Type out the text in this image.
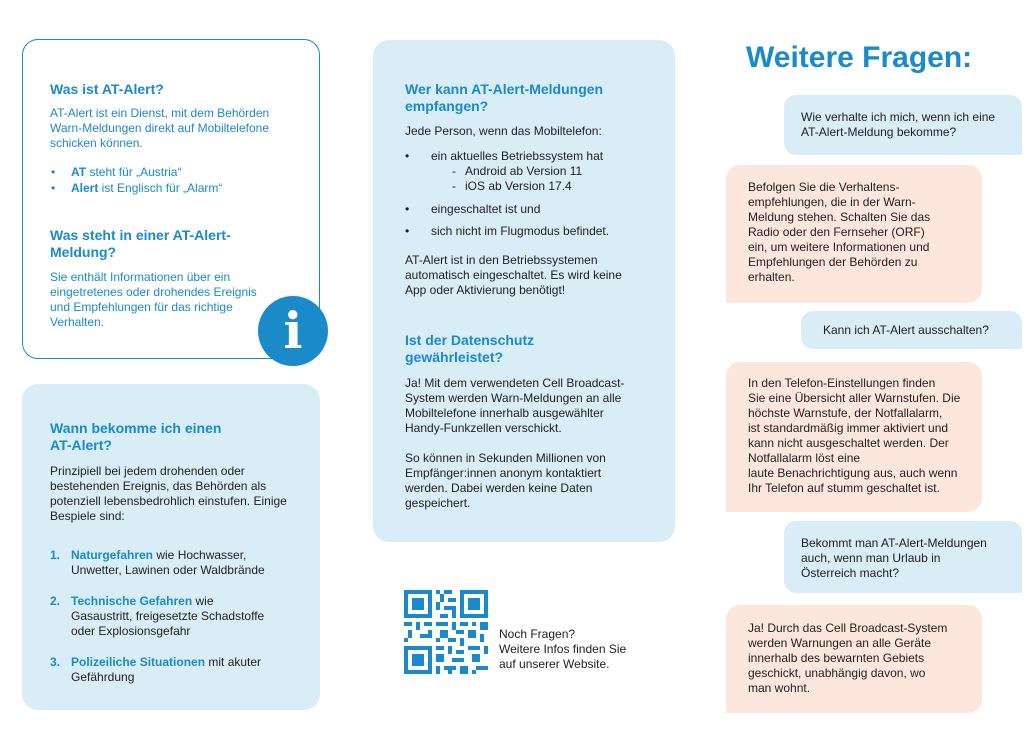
Was ist AT-Alert?
AT-Alert ist ein Dienst, mit dem Behörden
Warn-Meldungen direkt auf Mobiltelefone
schicken können.
• AT steht für „Austria“
• Alert ist Englisch für „Alarm“
Was steht in einer AT-Alert-
Meldung?
Sie enthält Informationen über ein
eingetretenes oder drohendes Ereignis
und Empfehlungen für das richtige
Verhalten.	i
Wann bekomme ich einen
AT-Alert?
Prinzipiell bei jedem drohenden oder
bestehenden Ereignis, das Behörden als
potenziell lebensbedrohlich einstufen. Einige
Bespiele sind:
1. Naturgefahren wie Hochwasser,
Unwetter, Lawinen oder Waldbrände
2. Technische Gefahren wie
Gasaustritt, freigesetzte Schadstoffe
oder Explosionsgefahr
3. Polizeiliche Situationen mit akuter
Gefährdung
Wer kann AT-Alert-Meldungen
empfangen?
Jede Person, wenn das Mobiltelefon:
• ein aktuelles Betriebssystem hat
- Android ab Version 11
- iOS ab Version 17.4
• eingeschaltet ist und
• sich nicht im Flugmodus befindet.
AT-Alert ist in den Betriebssystemen
automatisch eingeschaltet. Es wird keine
App oder Aktivierung benötigt!
Ist der Datenschutz
gewährleistet?
Ja! Mit dem verwendeten Cell Broadcast-
System werden Warn-Meldungen an alle
Mobiltelefone innerhalb ausgewählter
Handy-Funkzellen verschickt.
So können in Sekunden Millionen von
Empfänger:innen anonym kontaktiert
werden. Dabei werden keine Daten
gespeichert.
Noch Fragen?
Weitere Infos finden Sie
auf unserer Website.
Weitere Fragen:
Wie verhalte ich mich, wenn ich eine
AT-Alert-Meldung bekomme?
Befolgen Sie die Verhaltens-
empfehlungen, die in der Warn-
Meldung stehen. Schalten Sie das
Radio oder den Fernseher (ORF)
ein, um weitere Informationen und
Empfehlungen der Behörden zu
erhalten.
Kann ich AT-Alert ausschalten?
In den Telefon-Einstellungen finden
Sie eine Übersicht aller Warnstufen. Die
höchste Warnstufe, der Notfallalarm,
ist standardmäßig immer aktiviert und
kann nicht ausgeschaltet werden. Der
Notfallalarm löst eine
laute Benachrichtigung aus, auch wenn
Ihr Telefon auf stumm geschaltet ist.
Bekommt man AT-Alert-Meldungen
auch, wenn man Urlaub in
Österreich macht?
Ja! Durch das Cell Broadcast-System
werden Warnungen an alle Geräte
innerhalb des bewarnten Gebiets
geschickt, unabhängig davon, wo
man wohnt.
